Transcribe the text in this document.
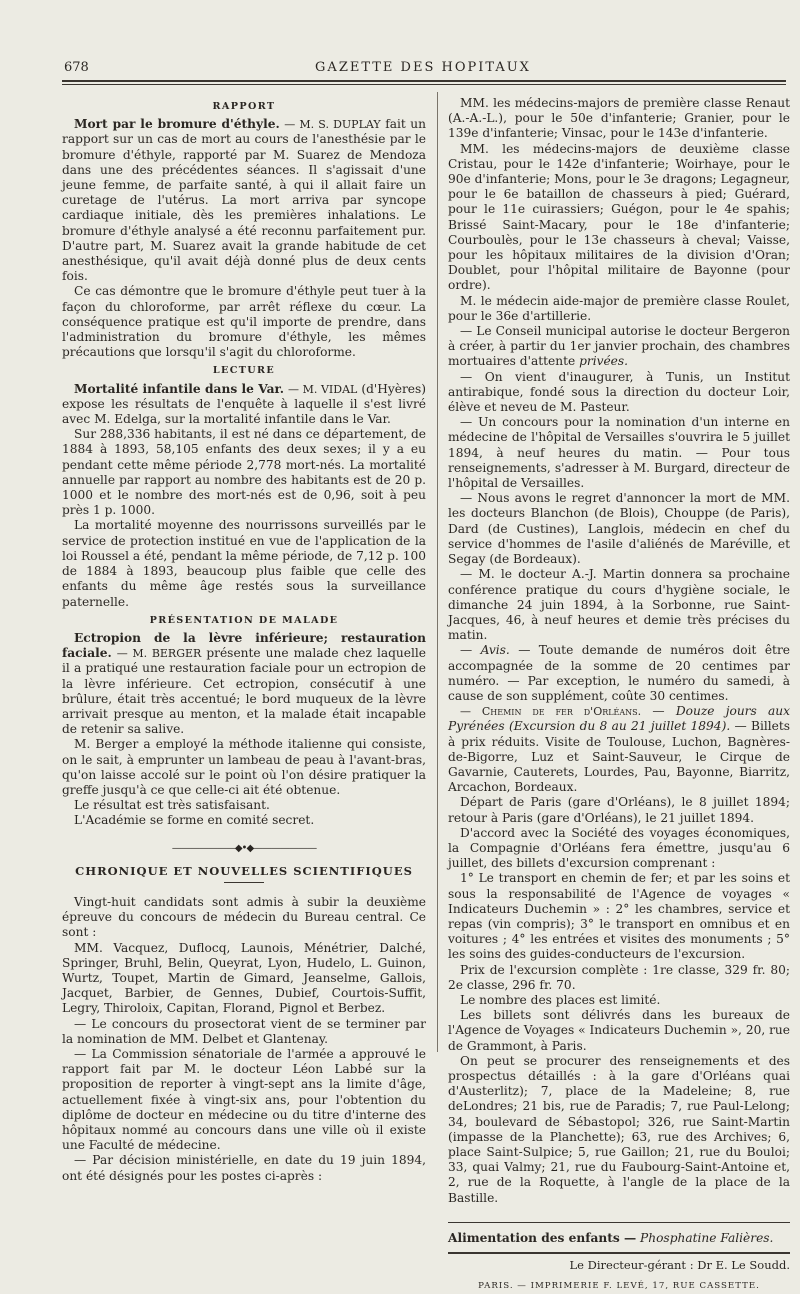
678	GAZETTE DES HOPITAUX
RAPPORT

Mort par le bromure d'éthyle. — M. S. DUPLAY fait un rapport sur un cas de mort au cours de l'anesthésie par le bromure d'éthyle, rapporté par M. Suarez de Mendoza dans une des précédentes séances. Il s'agissait d'une jeune femme, de parfaite santé, à qui il allait faire un curetage de l'utérus. La mort arriva par syncope cardiaque initiale, dès les premières inhalations. Le bromure d'éthyle analysé a été reconnu parfaitement pur. D'autre part, M. Suarez avait la grande habitude de cet anesthésique, qu'il avait déjà donné plus de deux cents fois.

Ce cas démontre que le bromure d'éthyle peut tuer à la façon du chloroforme, par arrêt réflexe du cœur. La conséquence pratique est qu'il importe de prendre, dans l'administration du bromure d'éthyle, les mêmes précautions que lorsqu'il s'agit du chloroforme.

LECTURE

Mortalité infantile dans le Var. — M. VIDAL (d'Hyères) expose les résultats de l'enquête à laquelle il s'est livré avec M. Edelga, sur la mortalité infantile dans le Var.

Sur 288,336 habitants, il est né dans ce département, de 1884 à 1893, 58,105 enfants des deux sexes; il y a eu pendant cette même période 2,778 mort-nés. La mortalité annuelle par rapport au nombre des habitants est de 20 p. 1000 et le nombre des mort-nés est de 0,96, soit à peu près 1 p. 1000.

La mortalité moyenne des nourrissons surveillés par le service de protection institué en vue de l'application de la loi Roussel a été, pendant la même période, de 7,12 p. 100 de 1884 à 1893, beaucoup plus faible que celle des enfants du même âge restés sous la surveillance paternelle.

PRÉSENTATION DE MALADE

Ectropion de la lèvre inférieure; restauration faciale. — M. BERGER présente une malade chez laquelle il a pratiqué une restauration faciale pour un ectropion de la lèvre inférieure. Cet ectropion, consécutif à une brûlure, était très accentué; le bord muqueux de la lèvre arrivait presque au menton, et la malade était incapable de retenir sa salive.

M. Berger a employé la méthode italienne qui consiste, on le sait, à emprunter un lambeau de peau à l'avant-bras, qu'on laisse accolé sur le point où l'on désire pratiquer la greffe jusqu'à ce que celle-ci ait été obtenue.

Le résultat est très satisfaisant.

L'Académie se forme en comité secret.

———————◆•◆———————
CHRONIQUE ET NOUVELLES SCIENTIFIQUES

Vingt-huit candidats sont admis à subir la deuxième épreuve du concours de médecin du Bureau central. Ce sont :

MM. Vacquez, Duflocq, Launois, Ménétrier, Dalché, Springer, Bruhl, Belin, Queyrat, Lyon, Hudelo, L. Guinon, Wurtz, Toupet, Martin de Gimard, Jeanselme, Gallois, Jacquet, Barbier, de Gennes, Dubief, Courtois-Suffit, Legry, Thiroloix, Capitan, Florand, Pignol et Berbez.

— Le concours du prosectorat vient de se terminer par la nomination de MM. Delbet et Glantenay.

— La Commission sénatoriale de l'armée a approuvé le rapport fait par M. le docteur Léon Labbé sur la proposition de reporter à vingt-sept ans la limite d'âge, actuellement fixée à vingt-six ans, pour l'obtention du diplôme de docteur en médecine ou du titre d'interne des hôpitaux nommé au concours dans une ville où il existe une Faculté de médecine.

— Par décision ministérielle, en date du 19 juin 1894, ont été désignés pour les postes ci-après :

MM. les médecins-majors de première classe Renaut (A.-A.-L.), pour le 50e d'infanterie; Granier, pour le 139e d'infanterie; Vinsac, pour le 143e d'infanterie.

MM. les médecins-majors de deuxième classe Cristau, pour le 142e d'infanterie; Woirhaye, pour le 90e d'infanterie; Mons, pour le 3e dragons; Legagneur, pour le 6e bataillon de chasseurs à pied; Guérard, pour le 11e cuirassiers; Guégon, pour le 4e spahis; Brissé Saint-Macary, pour le 18e d'infanterie; Courboulès, pour le 13e chasseurs à cheval; Vaisse, pour les hôpitaux militaires de la division d'Oran; Doublet, pour l'hôpital militaire de Bayonne (pour ordre).

M. le médecin aide-major de première classe Roulet, pour le 36e d'artillerie.

— Le Conseil municipal autorise le docteur Bergeron à créer, à partir du 1er janvier prochain, des chambres mortuaires d'attente privées.

— On vient d'inaugurer, à Tunis, un Institut antirabique, fondé sous la direction du docteur Loir, élève et neveu de M. Pasteur.

— Un concours pour la nomination d'un interne en médecine de l'hôpital de Versailles s'ouvrira le 5 juillet 1894, à neuf heures du matin. — Pour tous renseignements, s'adresser à M. Burgard, directeur de l'hôpital de Versailles.

— Nous avons le regret d'annoncer la mort de MM. les docteurs Blanchon (de Blois), Chouppe (de Paris), Dard (de Custines), Langlois, médecin en chef du service d'hommes de l'asile d'aliénés de Maréville, et Segay (de Bordeaux).

— M. le docteur A.-J. Martin donnera sa prochaine conférence pratique du cours d'hygiène sociale, le dimanche 24 juin 1894, à la Sorbonne, rue Saint-Jacques, 46, à neuf heures et demie très précises du matin.

— Avis. — Toute demande de numéros doit être accompagnée de la somme de 20 centimes par numéro. — Par exception, le numéro du samedi, à cause de son supplément, coûte 30 centimes.

— Chemin de fer d'Orléans. — Douze jours aux Pyrénées (Excursion du 8 au 21 juillet 1894). — Billets à prix réduits. Visite de Toulouse, Luchon, Bagnères-de-Bigorre, Luz et Saint-Sauveur, le Cirque de Gavarnie, Cauterets, Lourdes, Pau, Bayonne, Biarritz, Arcachon, Bordeaux.

Départ de Paris (gare d'Orléans), le 8 juillet 1894; retour à Paris (gare d'Orléans), le 21 juillet 1894.

D'accord avec la Société des voyages économiques, la Compagnie d'Orléans fera émettre, jusqu'au 6 juillet, des billets d'excursion comprenant :

1° Le transport en chemin de fer; et par les soins et sous la responsabilité de l'Agence de voyages « Indicateurs Duchemin » : 2° les chambres, service et repas (vin compris); 3° le transport en omnibus et en voitures ; 4° les entrées et visites des monuments ; 5° les soins des guides-conducteurs de l'excursion.

Prix de l'excursion complète : 1re classe, 329 fr. 80; 2e classe, 296 fr. 70.

Le nombre des places est limité.

Les billets sont délivrés dans les bureaux de l'Agence de Voyages « Indicateurs Duchemin », 20, rue de Grammont, à Paris.

On peut se procurer des renseignements et des prospectus détaillés : à la gare d'Orléans quai d'Austerlitz); 7, place de la Madeleine; 8, rue deLondres; 21 bis, rue de Paradis; 7, rue Paul-Lelong; 34, boulevard de Sébastopol; 326, rue Saint-Martin (impasse de la Planchette); 63, rue des Archives; 6, place Saint-Sulpice; 5, rue Gaillon; 21, rue du Bouloi; 33, quai Valmy; 21, rue du Faubourg-Saint-Antoine et, 2, rue de la Roquette, à l'angle de la place de la Bastille.

Alimentation des enfants — Phosphatine Falières.

Le Directeur-gérant : Dr E. Le Soudd.
PARIS. — IMPRIMERIE F. LEVÉ, 17, RUE CASSETTE.
